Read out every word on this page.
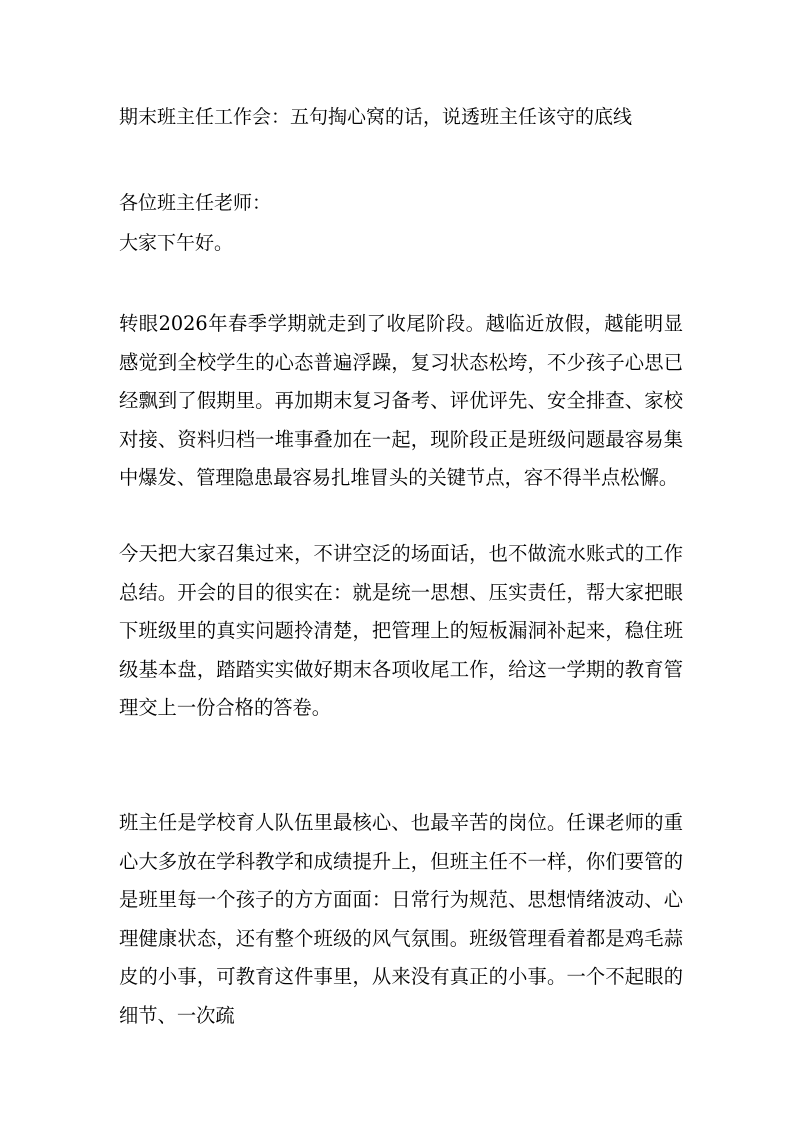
期末班主任工作会：五句掏心窝的话，说透班主任该守的底线

各位班主任老师：

大家下午好。

转眼2026年春季学期就走到了收尾阶段。越临近放假，越能明显感觉到全校学生的心态普遍浮躁，复习状态松垮，不少孩子心思已经飘到了假期里。再加期末复习备考、评优评先、安全排查、家校对接、资料归档一堆事叠加在一起，现阶段正是班级问题最容易集中爆发、管理隐患最容易扎堆冒头的关键节点，容不得半点松懈。

今天把大家召集过来，不讲空泛的场面话，也不做流水账式的工作总结。开会的目的很实在：就是统一思想、压实责任，帮大家把眼下班级里的真实问题拎清楚，把管理上的短板漏洞补起来，稳住班级基本盘，踏踏实实做好期末各项收尾工作，给这一学期的教育管理交上一份合格的答卷。

班主任是学校育人队伍里最核心、也最辛苦的岗位。任课老师的重心大多放在学科教学和成绩提升上，但班主任不一样，你们要管的是班里每一个孩子的方方面面：日常行为规范、思想情绪波动、心理健康状态，还有整个班级的风气氛围。班级管理看着都是鸡毛蒜皮的小事，可教育这件事里，从来没有真正的小事。一个不起眼的细节、一次疏
